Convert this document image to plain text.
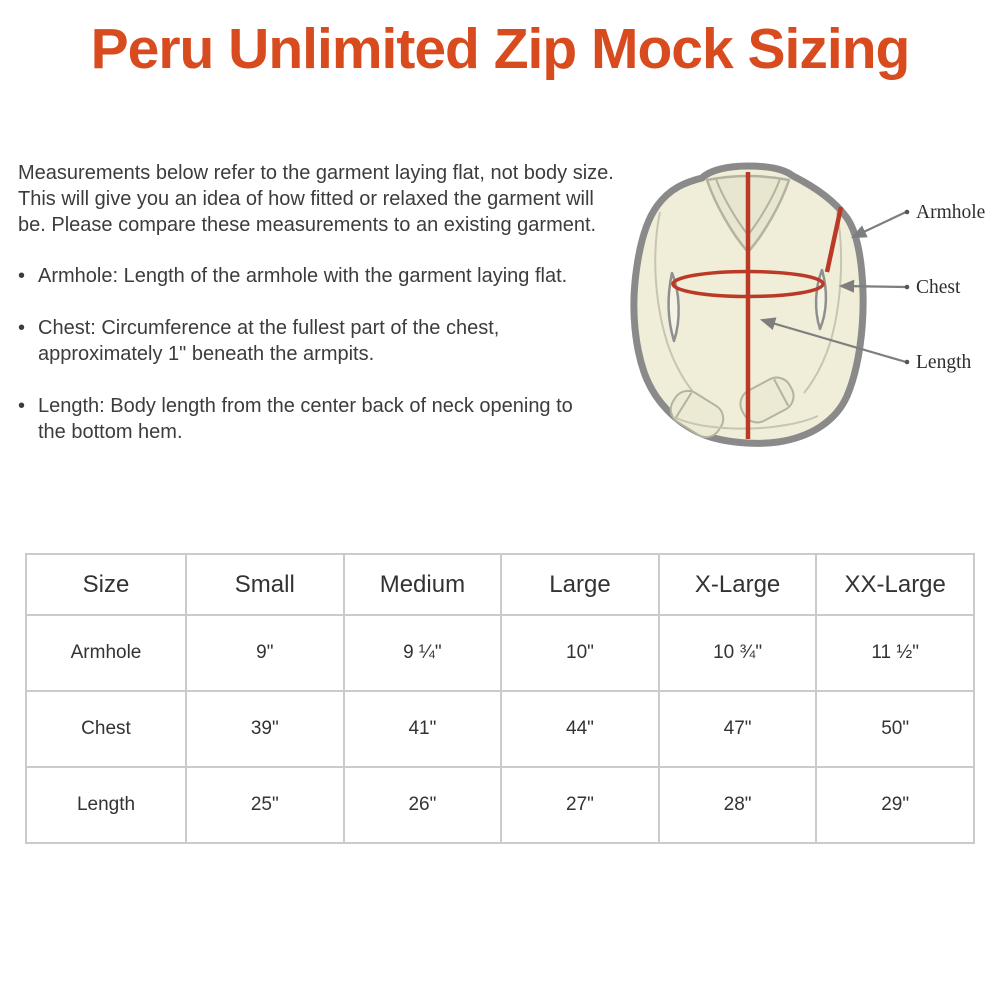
Peru Unlimited Zip Mock Sizing
Measurements below refer to the garment laying flat, not body size.
This will give you an idea of how fitted or relaxed the garment will
be. Please compare these measurements to an existing garment.
• Armhole: Length of the armhole with the garment laying flat.
• Chest: Circumference at the fullest part of the chest, approximately 1" beneath the armpits.
• Length: Body length from the center back of neck opening to the bottom hem.
Armhole
Chest
Length
Size	Small	Medium	Large	X-Large	XX-Large
Armhole	9"	9 ¼"	10"	10 ¾"	11 ½"
Chest	39"	41"	44"	47"	50"
Length	25"	26"	27"	28"	29"
